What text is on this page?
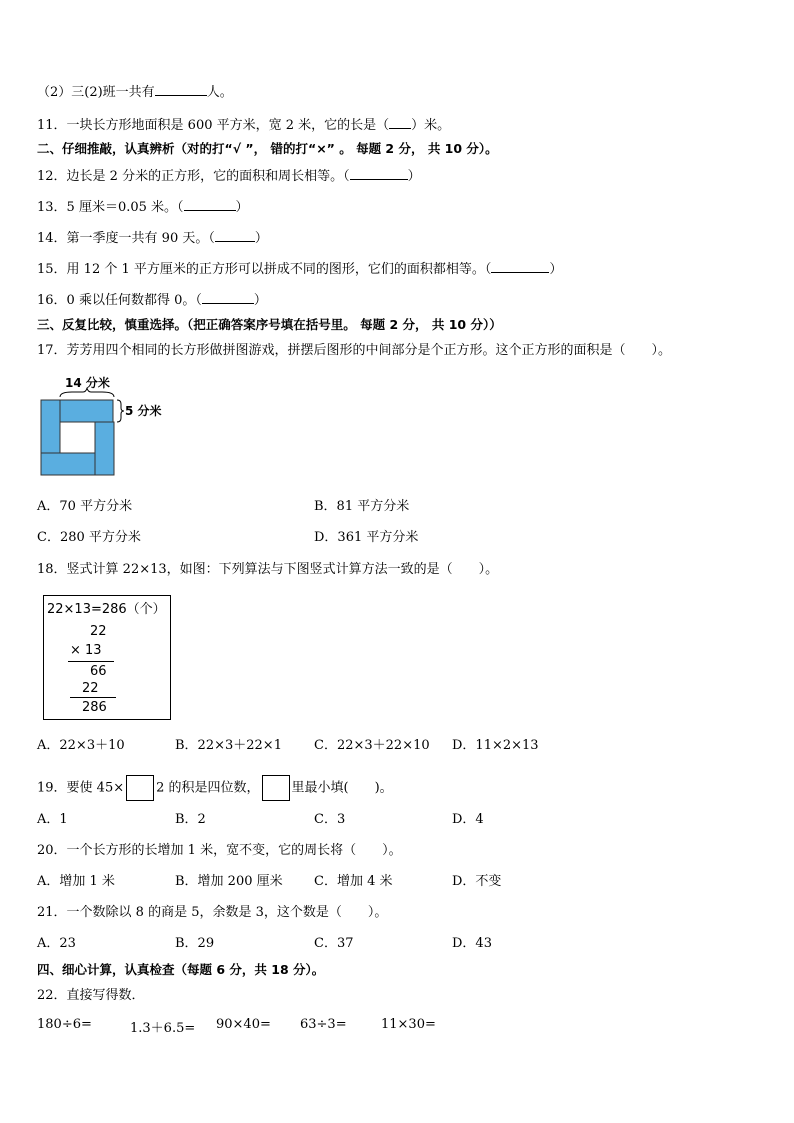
（2）三(2)班一共有	人。
11．一块长方形地面积是 600 平方米，宽 2 米，它的长是（ ）米。
二、仔细推敲，认真辨析（对的打“√ ”， 错的打“×” 。 每题 2 分， 共 10 分）。
12．边长是 2 分米的正方形，它的面积和周长相等。（	）
13．5 厘米＝0.05 米。（	）
14．第一季度一共有 90 天。（	）
15．用 12 个 1 平方厘米的正方形可以拼成不同的图形，它们的面积都相等。（	）
16．0 乘以任何数都得 0。（	）
三、反复比较，慎重选择。（把正确答案序号填在括号里。 每题 2 分， 共 10 分））
17．芳芳用四个相同的长方形做拼图游戏，拼摆后图形的中间部分是个正方形。这个正方形的面积是（　　）。
14 分米
5 分米
A．70 平方分米	B．81 平方分米
C．280 平方分米	D．361 平方分米
18．竖式计算 22×13，如图：下列算法与下图竖式计算方法一致的是（　　）。
22×13=286（个）
22
× 13
66
22
286
A．22×3＋10	B．22×3＋22×1 C．22×3＋22×10 D．11×2×13
19．要使 45× 2 的积是四位数， 里最小填(　　)。
A．1	B．2	C．3	D．4
20．一个长方形的长增加 1 米，宽不变，它的周长将（　　）。
A．增加 1 米	B．增加 200 厘米 C．增加 4 米	D．不变
21．一个数除以 8 的商是 5，余数是 3，这个数是（　　）。
A．23	B．29	C．37	D．43
四、细心计算，认真检查（每题 6 分，共 18 分）。
22．直接写得数．
180÷6=	1.3＋6.5= 90×40= 63÷3=	11×30=
